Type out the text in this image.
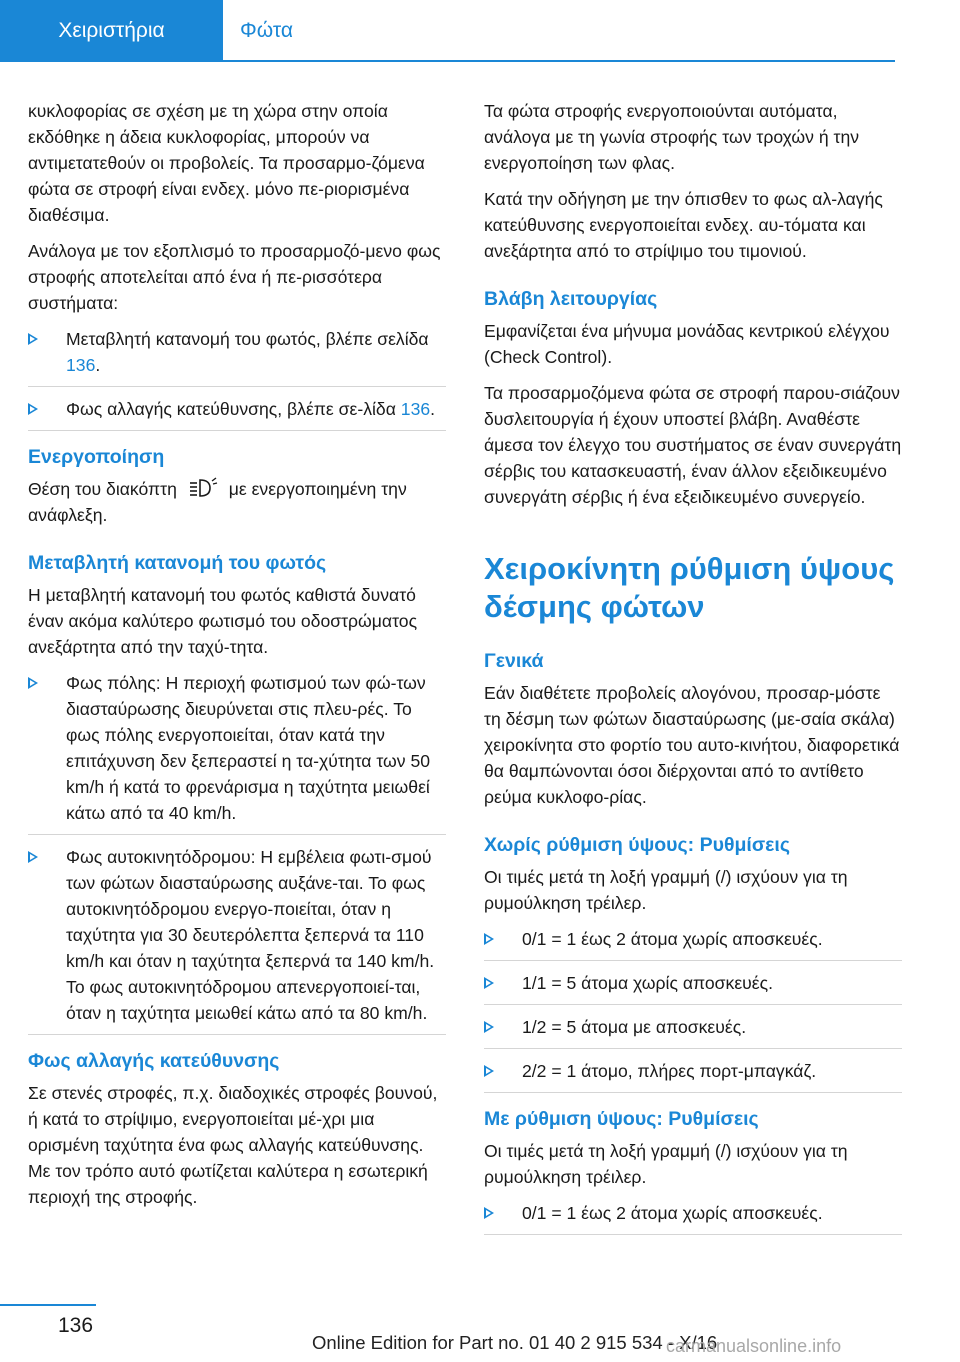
Χειριστήρια	Φώτα

κυκλοφορίας σε σχέση με τη χώρα στην οποία εκδόθηκε η άδεια κυκλοφορίας, μπορούν να αντιμετατεθούν οι προβολείς. Τα προσαρμο-ζόμενα φώτα σε στροφή είναι ενδεχ. μόνο πε-ριορισμένα διαθέσιμα.

Ανάλογα με τον εξοπλισμό το προσαρμοζό-μενο φως στροφής αποτελείται από ένα ή πε-ρισσότερα συστήματα:

Μεταβλητή κατανομή του φωτός, βλέπε σελίδα 136.
Φως αλλαγής κατεύθυνσης, βλέπε σε-λίδα 136.
Ενεργοποίηση

Θέση του διακόπτη	με ενεργοποιημένη την ανάφλεξη.

Μεταβλητή κατανομή του φωτός

Η μεταβλητή κατανομή του φωτός καθιστά δυνατό έναν ακόμα καλύτερο φωτισμό του οδοστρώματος ανεξάρτητα από την ταχύ-τητα.

Φως πόλης: Η περιοχή φωτισμού των φώ-των διασταύρωσης διευρύνεται στις πλευ-ρές. Το φως πόλης ενεργοποιείται, όταν κατά την επιτάχυνση δεν ξεπεραστεί η τα-χύτητα των 50 km/h ή κατά το φρενάρισμα η ταχύτητα μειωθεί κάτω από τα 40 km/h.
Φως αυτοκινητόδρομου: Η εμβέλεια φωτι-σμού των φώτων διασταύρωσης αυξάνε-ται. Το φως αυτοκινητόδρομου ενεργο-ποιείται, όταν η ταχύτητα για 30 δευτερόλεπτα ξεπερνά τα 110 km/h και όταν η ταχύτητα ξεπερνά τα 140 km/h. Το φως αυτοκινητόδρομου απενεργοποιεί-ται, όταν η ταχύτητα μειωθεί κάτω από τα 80 km/h.
Φως αλλαγής κατεύθυνσης

Σε στενές στροφές, π.χ. διαδοχικές στροφές βουνού, ή κατά το στρίψιμο, ενεργοποιείται μέ-χρι μια ορισμένη ταχύτητα ένα φως αλλαγής κατεύθυνσης. Με τον τρόπο αυτό φωτίζεται καλύτερα η εσωτερική περιοχή της στροφής.

Τα φώτα στροφής ενεργοποιούνται αυτόματα, ανάλογα με τη γωνία στροφής των τροχών ή την ενεργοποίηση των φλας.

Κατά την οδήγηση με την όπισθεν το φως αλ-λαγής κατεύθυνσης ενεργοποιείται ενδεχ. αυ-τόματα και ανεξάρτητα από το στρίψιμο του τιμονιού.

Βλάβη λειτουργίας

Εμφανίζεται ένα μήνυμα μονάδας κεντρικού ελέγχου (Check Control).

Τα προσαρμοζόμενα φώτα σε στροφή παρου-σιάζουν δυσλειτουργία ή έχουν υποστεί βλάβη. Αναθέστε άμεσα τον έλεγχο του συστήματος σε έναν συνεργάτη σέρβις του κατασκευαστή, έναν άλλον εξειδικευμένο συνεργάτη σέρβις ή ένα εξειδικευμένο συνεργείο.

Χειροκίνητη ρύθμιση ύψους δέσμης φώτων
Γενικά

Εάν διαθέτετε προβολείς αλογόνου, προσαρ-μόστε τη δέσμη των φώτων διασταύρωσης (με-σαία σκάλα) χειροκίνητα στο φορτίο του αυτο-κινήτου, διαφορετικά θα θαμπώνονται όσοι διέρχονται από το αντίθετο ρεύμα κυκλοφο-ρίας.

Χωρίς ρύθμιση ύψους: Ρυθμίσεις

Οι τιμές μετά τη λοξή γραμμή (/) ισχύουν για τη ρυμούλκηση τρέιλερ.

0/1 = 1 έως 2 άτομα χωρίς αποσκευές.
1/1 = 5 άτομα χωρίς αποσκευές.
1/2 = 5 άτομα με αποσκευές.
2/2 = 1 άτομο, πλήρες πορτ-μπαγκάζ.
Με ρύθμιση ύψους: Ρυθμίσεις

Οι τιμές μετά τη λοξή γραμμή (/) ισχύουν για τη ρυμούλκηση τρέιλερ.

0/1 = 1 έως 2 άτομα χωρίς αποσκευές.
136
Online Edition for Part no. 01 40 2 915 534 - X/16
carmanualsonline.info
